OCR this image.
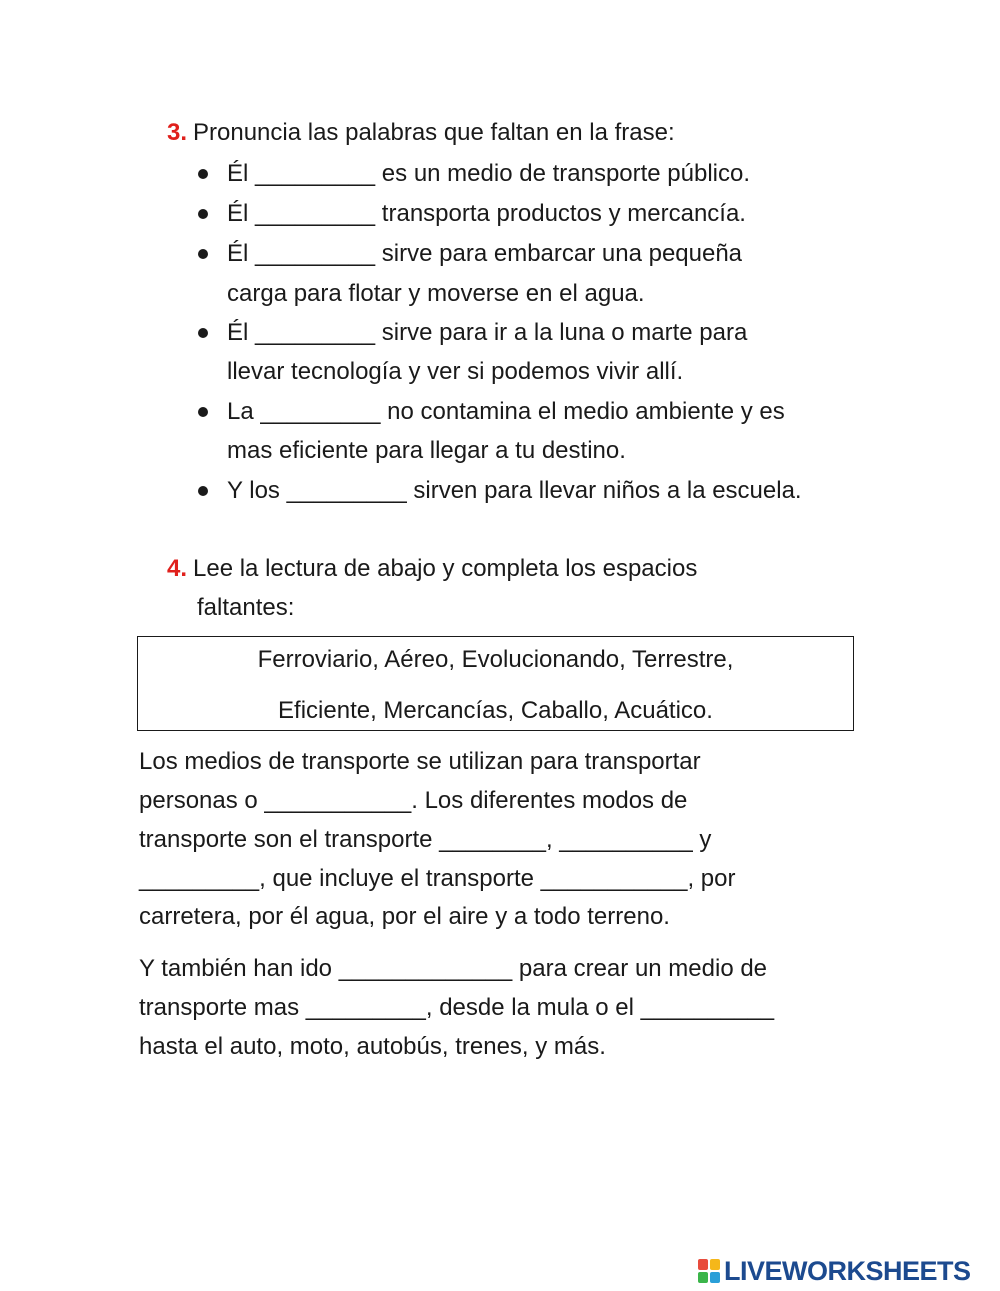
3. Pronuncia las palabras que faltan en la frase:
Él _________ es un medio de transporte público.
Él _________ transporta productos y mercancía.
Él _________ sirve para embarcar una pequeña
carga para flotar y moverse en el agua.
Él _________ sirve para ir a la luna o marte para
llevar tecnología y ver si podemos vivir allí.
La _________ no contamina el medio ambiente y es
mas eficiente para llegar a tu destino.
Y los _________ sirven para llevar niños a la escuela.
4. Lee la lectura de abajo y completa los espacios
faltantes:
Ferroviario, Aéreo, Evolucionando, Terrestre,
Eficiente, Mercancías, Caballo, Acuático.
Los medios de transporte se utilizan para transportar
personas o ___________. Los diferentes modos de
transporte son el transporte ________, __________ y
_________, que incluye el transporte ___________, por
carretera, por él agua, por el aire y a todo terreno.
Y también han ido _____________ para crear un medio de
transporte mas _________, desde la mula o el __________
hasta el auto, moto, autobús, trenes, y más.
LIVEWORKSHEETS
